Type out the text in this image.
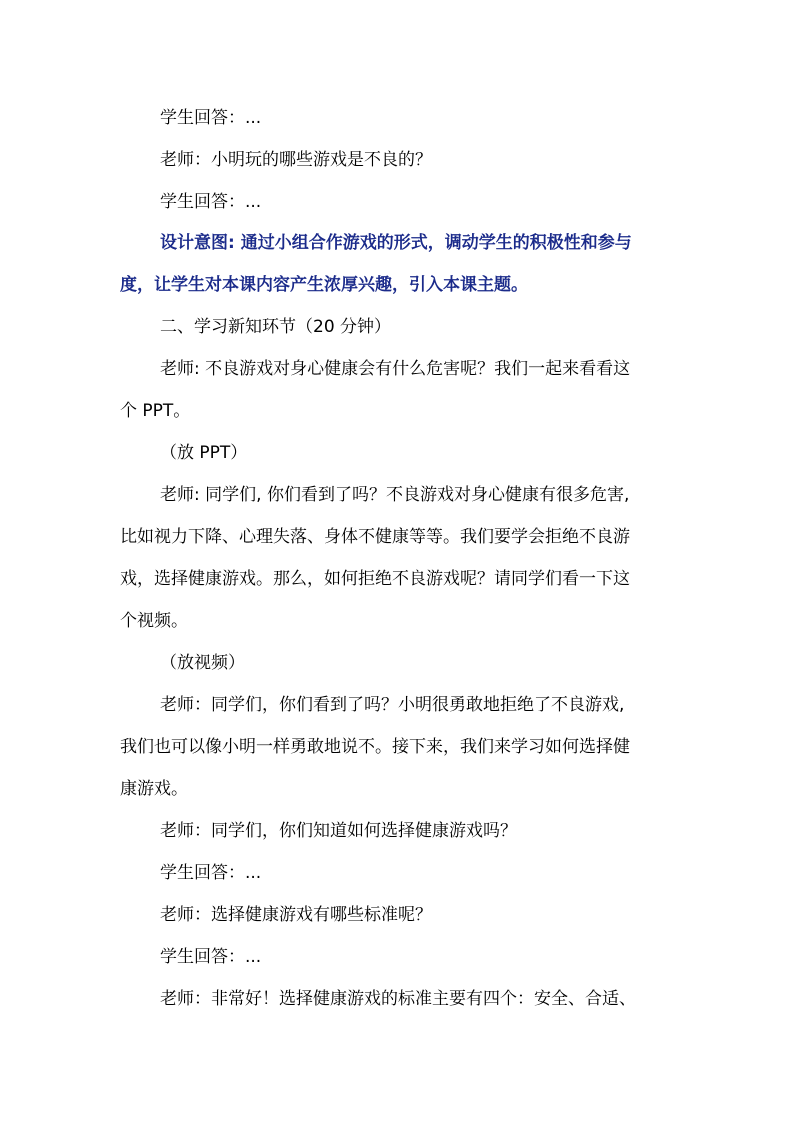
学生回答：...

老师：小明玩的哪些游戏是不良的？

学生回答：...

设计意图: 通过小组合作游戏的形式，调动学生的积极性和参与

度，让学生对本课内容产生浓厚兴趣，引入本课主题。

二、学习新知环节（20 分钟）

老师: 不良游戏对身心健康会有什么危害呢？我们一起来看看这

个 PPT。

（放 PPT）

老师: 同学们, 你们看到了吗？不良游戏对身心健康有很多危害,

比如视力下降、心理失落、身体不健康等等。我们要学会拒绝不良游

戏，选择健康游戏。那么，如何拒绝不良游戏呢？请同学们看一下这

个视频。

（放视频）

老师：同学们，你们看到了吗？小明很勇敢地拒绝了不良游戏,

我们也可以像小明一样勇敢地说不。接下来，我们来学习如何选择健

康游戏。

老师：同学们，你们知道如何选择健康游戏吗？

学生回答：...

老师：选择健康游戏有哪些标准呢？

学生回答：...

老师：非常好！选择健康游戏的标准主要有四个：安全、合适、
